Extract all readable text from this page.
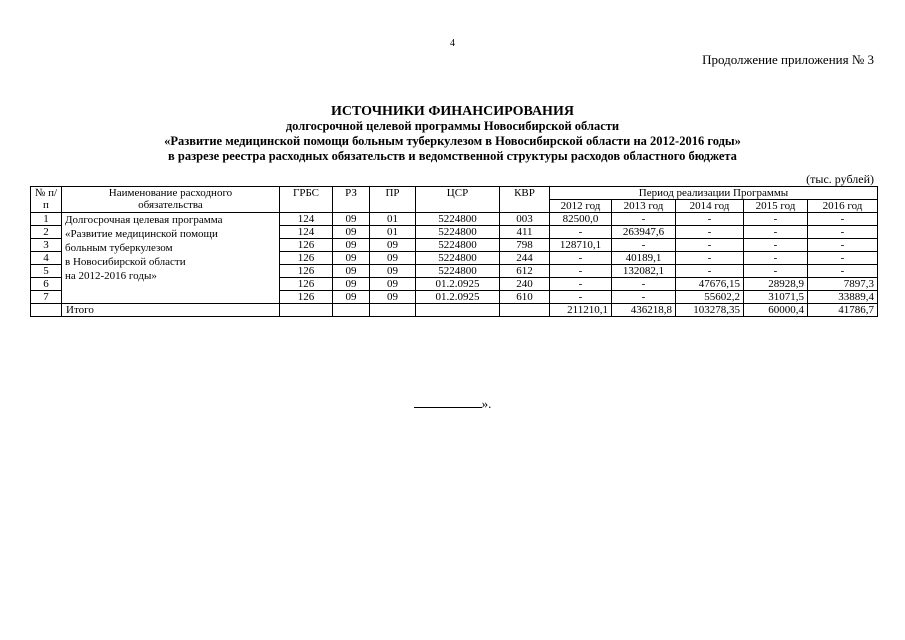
4
Продолжение приложения № 3
ИСТОЧНИКИ ФИНАНСИРОВАНИЯ
долгосрочной целевой программы Новосибирской области
«Развитие медицинской помощи больным туберкулезом в Новосибирской области на 2012-2016 годы»
в разрезе реестра расходных обязательств и ведомственной структуры расходов областного бюджета
(тыс. рублей)
№ п/п	Наименование расходного обязательства	ГРБС	РЗ	ПР	ЦСР	КВР	Период реализации Программы				
							2012 год	2013 год	2014 год	2015 год	2016 год
1	Долгосрочная целевая программа
«Развитие медицинской помощи
больным туберкулезом
в Новосибирской области
на 2012-2016 годы»	124	09	01	5224800	003	82500,0	-	-	-	-
2		124	09	01	5224800	411	-	263947,6	-	-	-
3		126	09	09	5224800	798	128710,1	-	-	-	-
4		126	09	09	5224800	244	-	40189,1	-	-	-
5		126	09	09	5224800	612	-	132082,1	-	-	-
6		126	09	09	01.2.0925	240	-	-	47676,15	28928,9	7897,3
7		126	09	09	01.2.0925	610	-	-	55602,2	31071,5	33889,4
	Итого						211210,1	436218,8	103278,35	60000,4	41786,7
».
